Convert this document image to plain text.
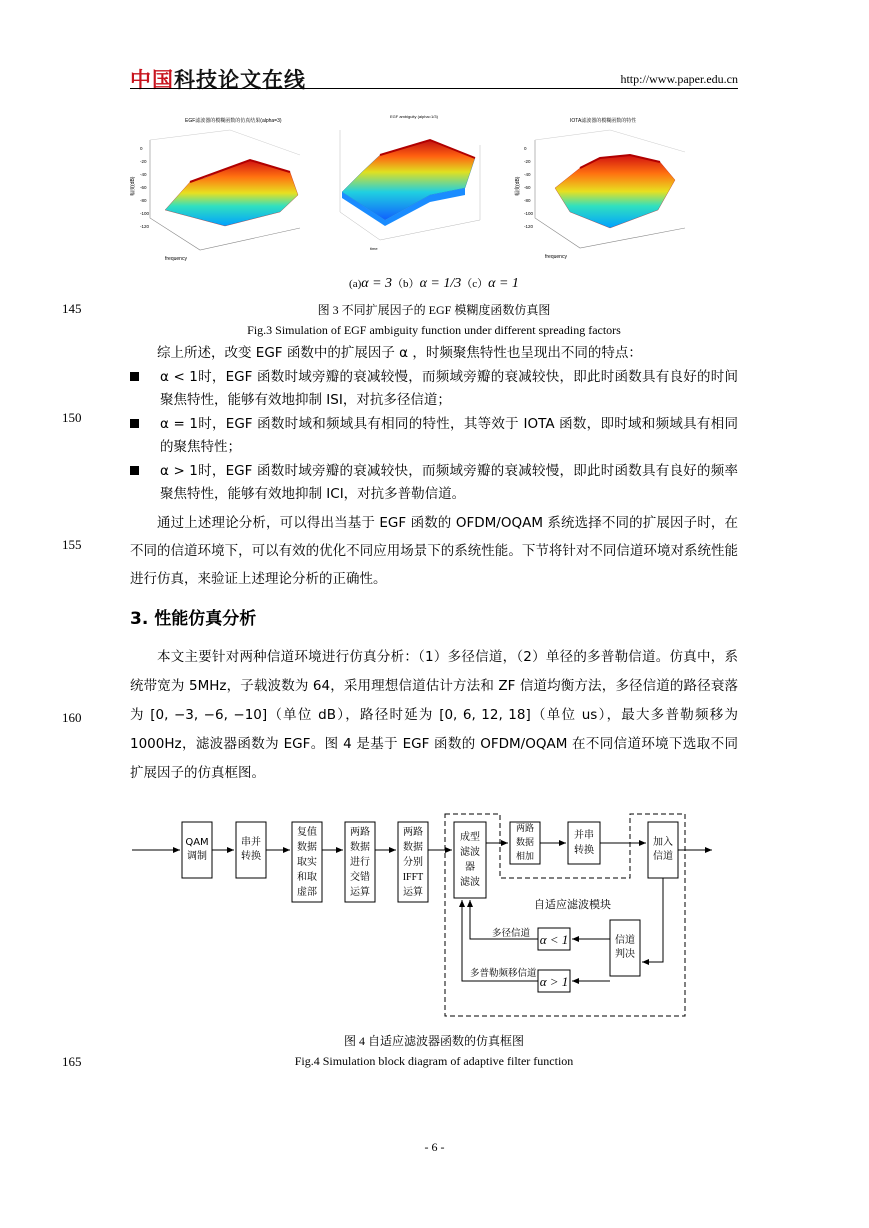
中国科技论文在线	http://www.paper.edu.cn
EGF滤波器的模糊函数的仿真结果(alpha=3)
0
-20
-40
-60
-80
-100
-120
frequency
幅度(dB)
EGF ambiguity (alpha=1/3)
time
IOTA滤波器的模糊函数的特性
0
-20
-40
-60
-80
-100
-120
frequency
幅度(dB)
(a)α = 3（b）α = 1/3（c）α = 1
145	图 3 不同扩展因子的 EGF 模糊度函数仿真图
Fig.3 Simulation of EGF ambiguity function under different spreading factors

综上所述，改变 EGF 函数中的扩展因子 α ，时频聚焦特性也呈现出不同的特点：

α < 1时，EGF 函数时域旁瓣的衰减较慢，而频域旁瓣的衰减较快，即此时函数具有良好的时间聚焦特性，能够有效地抑制 ISI，对抗多径信道；

α = 1时，EGF 函数时域和频域具有相同的特性，其等效于 IOTA 函数，即时域和频域具有相同的聚焦特性；

α > 1时，EGF 函数时域旁瓣的衰减较快，而频域旁瓣的衰减较慢，即此时函数具有良好的频率聚焦特性，能够有效地抑制 ICI，对抗多普勒信道。

通过上述理论分析，可以得出当基于 EGF 函数的 OFDM/OQAM 系统选择不同的扩展因子时，在不同的信道环境下，可以有效的优化不同应用场景下的系统性能。下节将针对不同信道环境对系统性能进行仿真，来验证上述理论分析的正确性。

150
155
3. 性能仿真分析

本文主要针对两种信道环境进行仿真分析：（1）多径信道，（2）单径的多普勒信道。仿真中，系统带宽为 5MHz，子载波数为 64，采用理想信道估计方法和 ZF 信道均衡方法，多径信道的路径衰落为 [0, −3, −6, −10]（单位 dB），路径时延为 [0, 6, 12, 18]（单位 us），最大多普勒频移为 1000Hz，滤波器函数为 EGF。图 4 是基于 EGF 函数的 OFDM/OQAM 在不同信道环境下选取不同扩展因子的仿真框图。

160
QAM
调制
串并
转换
复值
数据
取实
和取
虚部
两路
数据
进行
交错
运算
两路
数据
分别
IFFT
运算
成型
滤波
器
滤波
两路
数据
相加
并串
转换
加入
信道
信道
判决
α < 1
α > 1
自适应滤波模块
多径信道
多普勒频移信道
图 4 自适应滤波器函数的仿真框图
165	Fig.4 Simulation block diagram of adaptive filter function
- 6 -
